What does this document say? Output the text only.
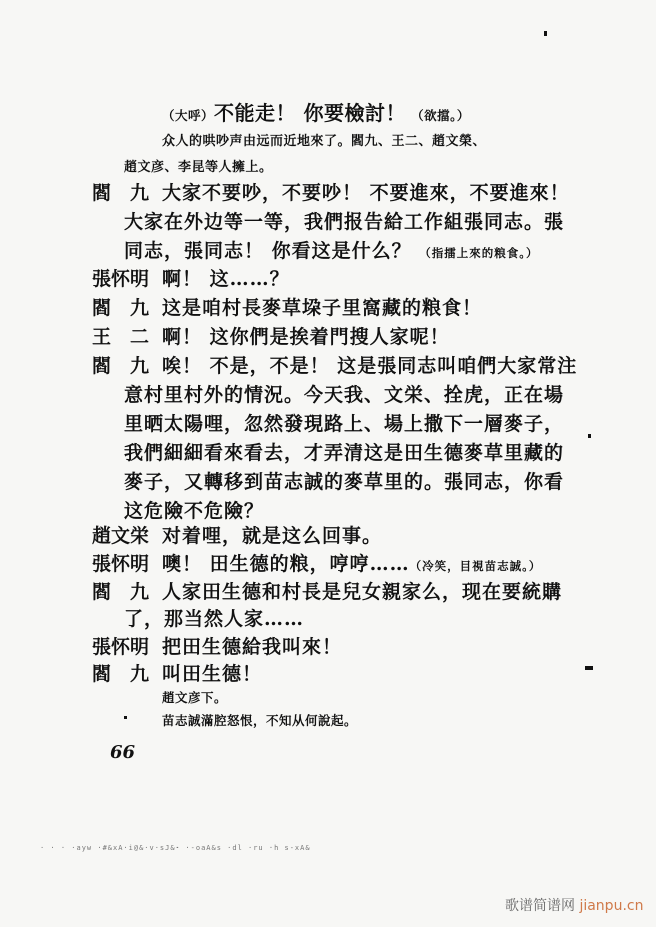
（大呼）不能走！ 你要檢討！ （欲擋。）
众人的哄吵声由远而近地來了。閻九、王二、趙文榮、
趙文彦、李昆等人擁上。
閻　九 大家不要吵，不要吵！ 不要進來，不要進來！
大家在外边等一等，我們报告給工作組張同志。張
同志，張同志！ 你看这是什么？ （指擂上來的粮食。）
張怀明 啊！ 这……？
閻　九 这是咱村長麥草垜子里窩藏的粮食！
王　二 啊！ 这你們是挨着門搜人家呢！
閻　九 唉！ 不是，不是！ 这是張同志叫咱們大家常注
意村里村外的情況。今天我、文栄、拴虎，正在場
里晒太陽哩，忽然發現路上、場上撒下一層麥子，
我們細細看來看去，才弄清这是田生德麥草里藏的
麥子，又轉移到苗志誠的麥草里的。張同志，你看
这危險不危險？
趙文栄 对着哩，就是这么回事。
張怀明 噢！ 田生德的粮，哼哼……（冷笑，目視苗志誠。）
閻　九 人家田生德和村長是兒女親家么，现在要統購
了，那当然人家……
張怀明 把田生德給我叫來！
閻　九 叫田生德！
趙文彦下。
苗志誠滿腔怒恨，不知从何說起。
66
· · · ·ayw ·#&xA·i@&·v·sJ&·
· ·-oaA&s ·dl ·ru ·h s-xA&
歌谱简谱网 jianpu.cn
